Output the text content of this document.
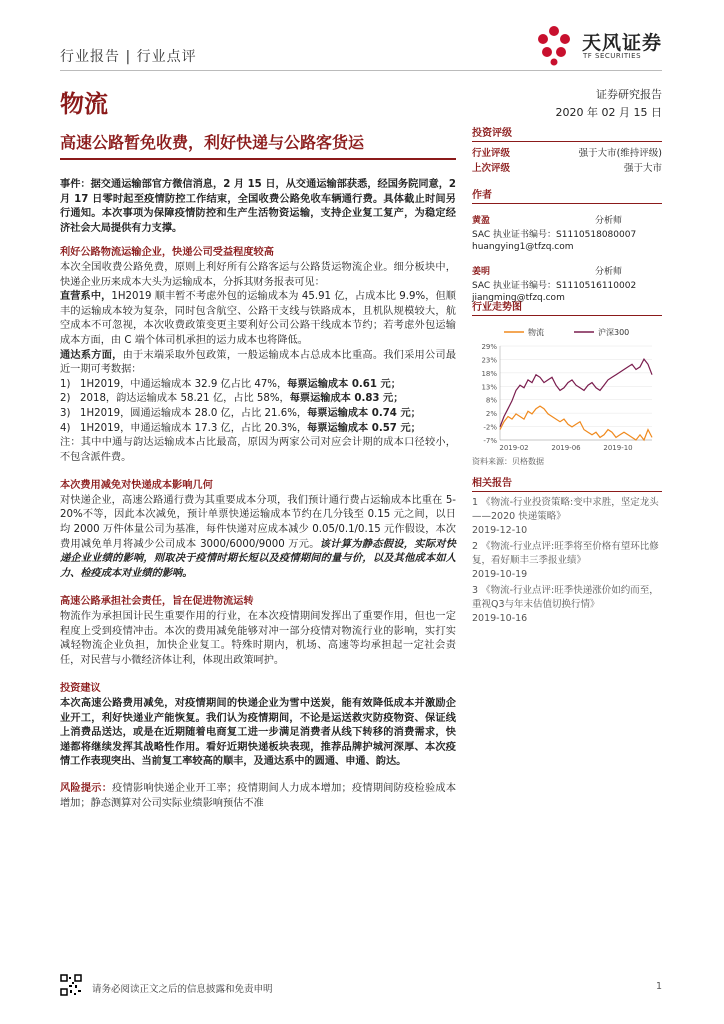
行业报告 | 行业点评
天风证券
TF SECURITIES
物流	证券研究报告
2020 年 02 月 15 日
高速公路暂免收费，利好快递与公路客货运	投资评级
行业评级	强于大市(维持评级)
上次评级	强于大市
作者
黄盈	分析师
SAC 执业证书编号：S1110518080007
huangying1@tfzq.com
姜明	分析师
SAC 执业证书编号：S1110516110002
jiangming@tfzq.com
行业走势图
物流	沪深300
29%
23%
18%
13%
8%
2%
-2%
-7%
2019-02	2019-06	2019-10
资料来源：贝格数据
相关报告
1 《物流-行业投资策略:变中求胜，坚定龙头——2020 快递策略》
2019-12-10
2 《物流-行业点评:旺季将至价格有望环比修复，看好顺丰三季报业绩》
2019-10-19
3 《物流-行业点评:旺季快递涨价如约而至，重视Q3与年末估值切换行情》
2019-10-16

事件：据交通运输部官方微信消息，2 月 15 日，从交通运输部获悉，经国务院同意，2 月 17 日零时起至疫情防控工作结束，全国收费公路免收车辆通行费。具体截止时间另行通知。本次事项为保障疫情防控和生产生活物资运输，支持企业复工复产，为稳定经济社会大局提供有力支撑。

利好公路物流运输企业，快递公司受益程度较高

本次全国收费公路免费，原则上利好所有公路客运与公路货运物流企业。细分板块中，快递企业历来成本大头为运输成本，分拆其财务报表可见：

直营系中，1H2019 顺丰暂不考虑外包的运输成本为 45.91 亿，占成本比 9.9%，但顺丰的运输成本较为复杂，同时包含航空、公路干支线与铁路成本，且机队规模较大，航空成本不可忽视，本次收费政策变更主要利好公司公路干线成本节约；若考虑外包运输成本方面，由 C 端个体司机承担的运力成本也将降低。

通达系方面，由于末端采取外包政策，一般运输成本占总成本比重高。我们采用公司最近一期可考数据：

1) 1H2019，中通运输成本 32.9 亿占比 47%， 每票运输成本 0.61 元；
2) 2018，韵达运输成本 58.21 亿，占比 58%， 每票运输成本 0.83 元；
3) 1H2019，圆通运输成本 28.0 亿，占比 21.6%， 每票运输成本 0.74 元；
4) 1H2019，申通运输成本 17.3 亿，占比 20.3%， 每票运输成本 0.57 元；

注：其中中通与韵达运输成本占比最高，原因为两家公司对应会计期的成本口径较小，不包含派件费。

本次费用减免对快递成本影响几何

对快递企业，高速公路通行费为其重要成本分项，我们预计通行费占运输成本比重在 5-20%不等，因此本次减免，预计单票快递运输成本节约在几分钱至 0.15 元之间，以日均 2000 万件体量公司为基准，每件快递对应成本减少 0.05/0.1/0.15 元作假设，本次费用减免单月将减少公司成本 3000/6000/9000 万元。该计算为静态假设，实际对快递企业业绩的影响，则取决于疫情时期长短以及疫情期间的量与价，以及其他成本如人力、检疫成本对业绩的影响。

高速公路承担社会责任，旨在促进物流运转

物流作为承担国计民生重要作用的行业，在本次疫情期间发挥出了重要作用，但也一定程度上受到疫情冲击。本次的费用减免能够对冲一部分疫情对物流行业的影响，实打实减轻物流企业负担，加快企业复工。特殊时期内，机场、高速等均承担起一定社会责任，对民营与小微经济体让利，体现出政策呵护。

投资建议

本次高速公路费用减免，对疫情期间的快递企业为雪中送炭，能有效降低成本并激励企业开工，利好快递业产能恢复。我们认为疫情期间，不论是运送救灾防疫物资、保证线上消费品送达，或是在近期随着电商复工进一步满足消费者从线下转移的消费需求，快递都将继续发挥其战略性作用。看好近期快递板块表现，推荐品牌护城河深厚、本次疫情工作表现突出、当前复工率较高的顺丰，及通达系中的圆通、申通、韵达。

风险提示：疫情影响快递企业开工率；疫情期间人力成本增加；疫情期间防疫检验成本增加；静态测算对公司实际业绩影响预估不准

请务必阅读正文之后的信息披露和免责申明	1
